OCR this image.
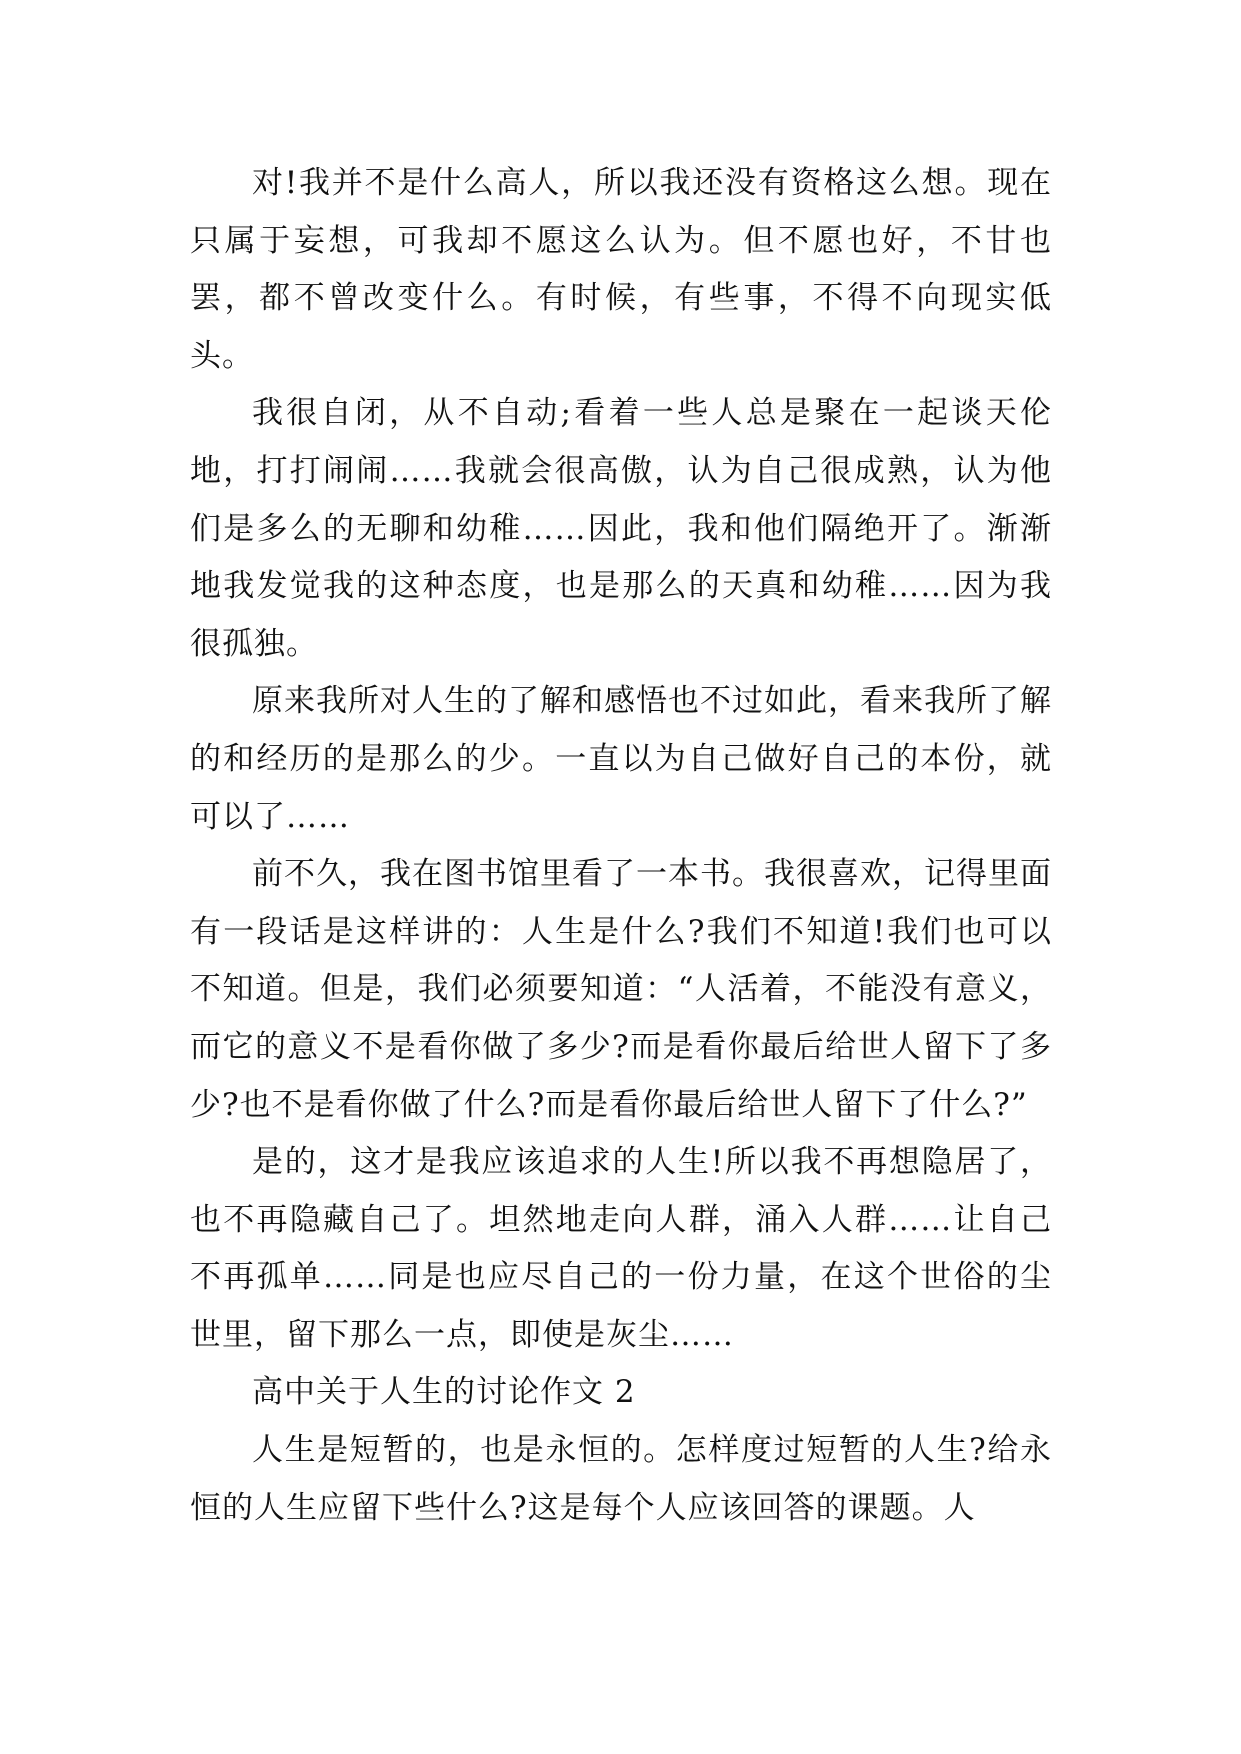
对!我并不是什么高人，所以我还没有资格这么想。现在只属于妄想，可我却不愿这么认为。但不愿也好，不甘也罢，都不曾改变什么。有时候，有些事，不得不向现实低头。

我很自闭，从不自动;看着一些人总是聚在一起谈天伦地，打打闹闹……我就会很高傲，认为自己很成熟，认为他们是多么的无聊和幼稚……因此，我和他们隔绝开了。渐渐地我发觉我的这种态度，也是那么的天真和幼稚……因为我很孤独。

原来我所对人生的了解和感悟也不过如此，看来我所了解的和经历的是那么的少。一直以为自己做好自己的本份，就可以了……

前不久，我在图书馆里看了一本书。我很喜欢，记得里面有一段话是这样讲的：人生是什么?我们不知道!我们也可以不知道。但是，我们必须要知道：“人活着，不能没有意义，而它的意义不是看你做了多少?而是看你最后给世人留下了多少?也不是看你做了什么?而是看你最后给世人留下了什么?”

是的，这才是我应该追求的人生!所以我不再想隐居了，也不再隐藏自己了。坦然地走向人群，涌入人群……让自己不再孤单……同是也应尽自己的一份力量，在这个世俗的尘世里，留下那么一点，即使是灰尘……

高中关于人生的讨论作文 2

人生是短暂的，也是永恒的。怎样度过短暂的人生?给永恒的人生应留下些什么?这是每个人应该回答的课题。人
